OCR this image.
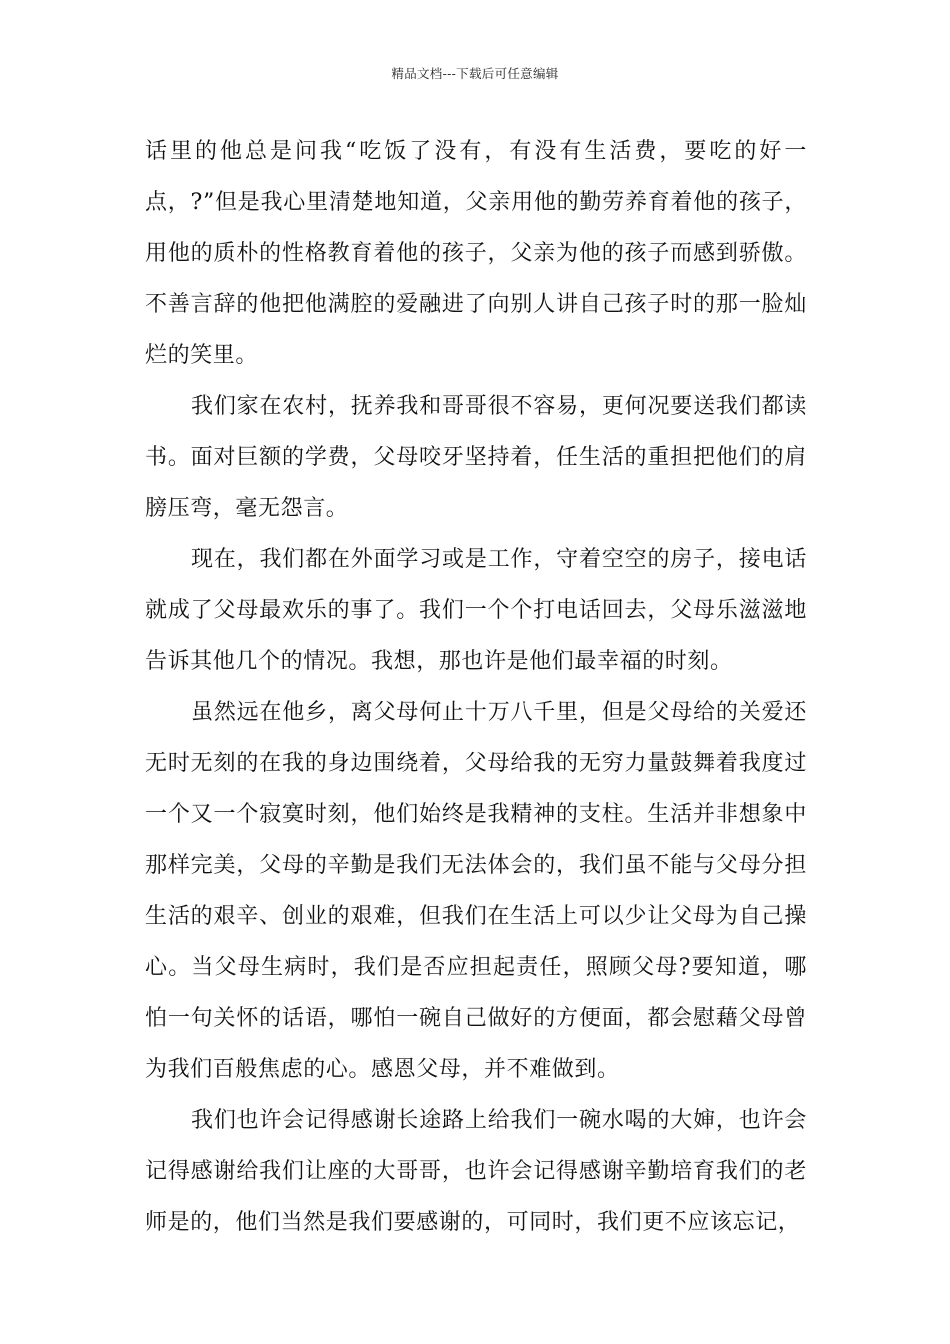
精品文档---下载后可任意编辑

话里的他总是问我“吃饭了没有，有没有生活费，要吃的好一点，?”但是我心里清楚地知道，父亲用他的勤劳养育着他的孩子，用他的质朴的性格教育着他的孩子，父亲为他的孩子而感到骄傲。不善言辞的他把他满腔的爱融进了向别人讲自己孩子时的那一脸灿烂的笑里。

我们家在农村，抚养我和哥哥很不容易，更何况要送我们都读书。面对巨额的学费，父母咬牙坚持着，任生活的重担把他们的肩膀压弯，毫无怨言。

现在，我们都在外面学习或是工作，守着空空的房子，接电话就成了父母最欢乐的事了。我们一个个打电话回去，父母乐滋滋地告诉其他几个的情况。我想，那也许是他们最幸福的时刻。

虽然远在他乡，离父母何止十万八千里，但是父母给的关爱还无时无刻的在我的身边围绕着，父母给我的无穷力量鼓舞着我度过一个又一个寂寞时刻，他们始终是我精神的支柱。生活并非想象中那样完美，父母的辛勤是我们无法体会的，我们虽不能与父母分担生活的艰辛、创业的艰难，但我们在生活上可以少让父母为自己操心。当父母生病时，我们是否应担起责任，照顾父母?要知道，哪怕一句关怀的话语，哪怕一碗自己做好的方便面，都会慰藉父母曾为我们百般焦虑的心。感恩父母，并不难做到。

我们也许会记得感谢长途路上给我们一碗水喝的大婶，也许会记得感谢给我们让座的大哥哥，也许会记得感谢辛勤培育我们的老师是的，他们当然是我们要感谢的，可同时，我们更不应该忘记，
